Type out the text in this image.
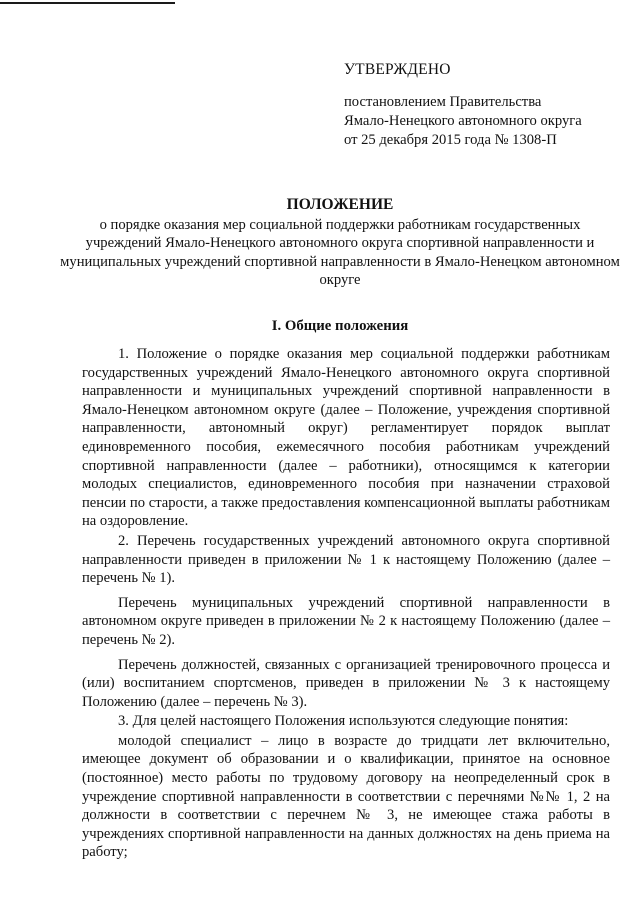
УТВЕРЖДЕНО
постановлением Правительства
Ямало-Ненецкого автономного округа
от 25 декабря 2015 года № 1308-П
ПОЛОЖЕНИЕ
о порядке оказания мер социальной поддержки работникам государственных учреждений Ямало-Ненецкого автономного округа спортивной направленности и муниципальных учреждений спортивной направленности в Ямало-Ненецком автономном округе
I. Общие положения

1. Положение о порядке оказания мер социальной поддержки работникам государственных учреждений Ямало-Ненецкого автономного округа спортивной направленности и муниципальных учреждений спортивной направленности в Ямало-Ненецком автономном округе (далее – Положение, учреждения спортивной направленности, автономный округ) регламентирует порядок выплат единовременного пособия, ежемесячного пособия работникам учреждений спортивной направленности (далее – работники), относящимся к категории молодых специалистов, единовременного пособия при назначении страховой пенсии по старости, а также предоставления компенсационной выплаты работникам на оздоровление.

2. Перечень государственных учреждений автономного округа спортивной направленности приведен в приложении № 1 к настоящему Положению (далее – перечень № 1).

Перечень муниципальных учреждений спортивной направленности в автономном округе приведен в приложении № 2 к настоящему Положению (далее – перечень № 2).

Перечень должностей, связанных с организацией тренировочного процесса и (или) воспитанием спортсменов, приведен в приложении № 3 к настоящему Положению (далее – перечень № 3).

3. Для целей настоящего Положения используются следующие понятия:

молодой специалист – лицо в возрасте до тридцати лет включительно, имеющее документ об образовании и о квалификации, принятое на основное (постоянное) место работы по трудовому договору на неопределенный срок в учреждение спортивной направленности в соответствии с перечнями №№ 1, 2 на должности в соответствии с перечнем № 3, не имеющее стажа работы в учреждениях спортивной направленности на данных должностях на день приема на работу;
